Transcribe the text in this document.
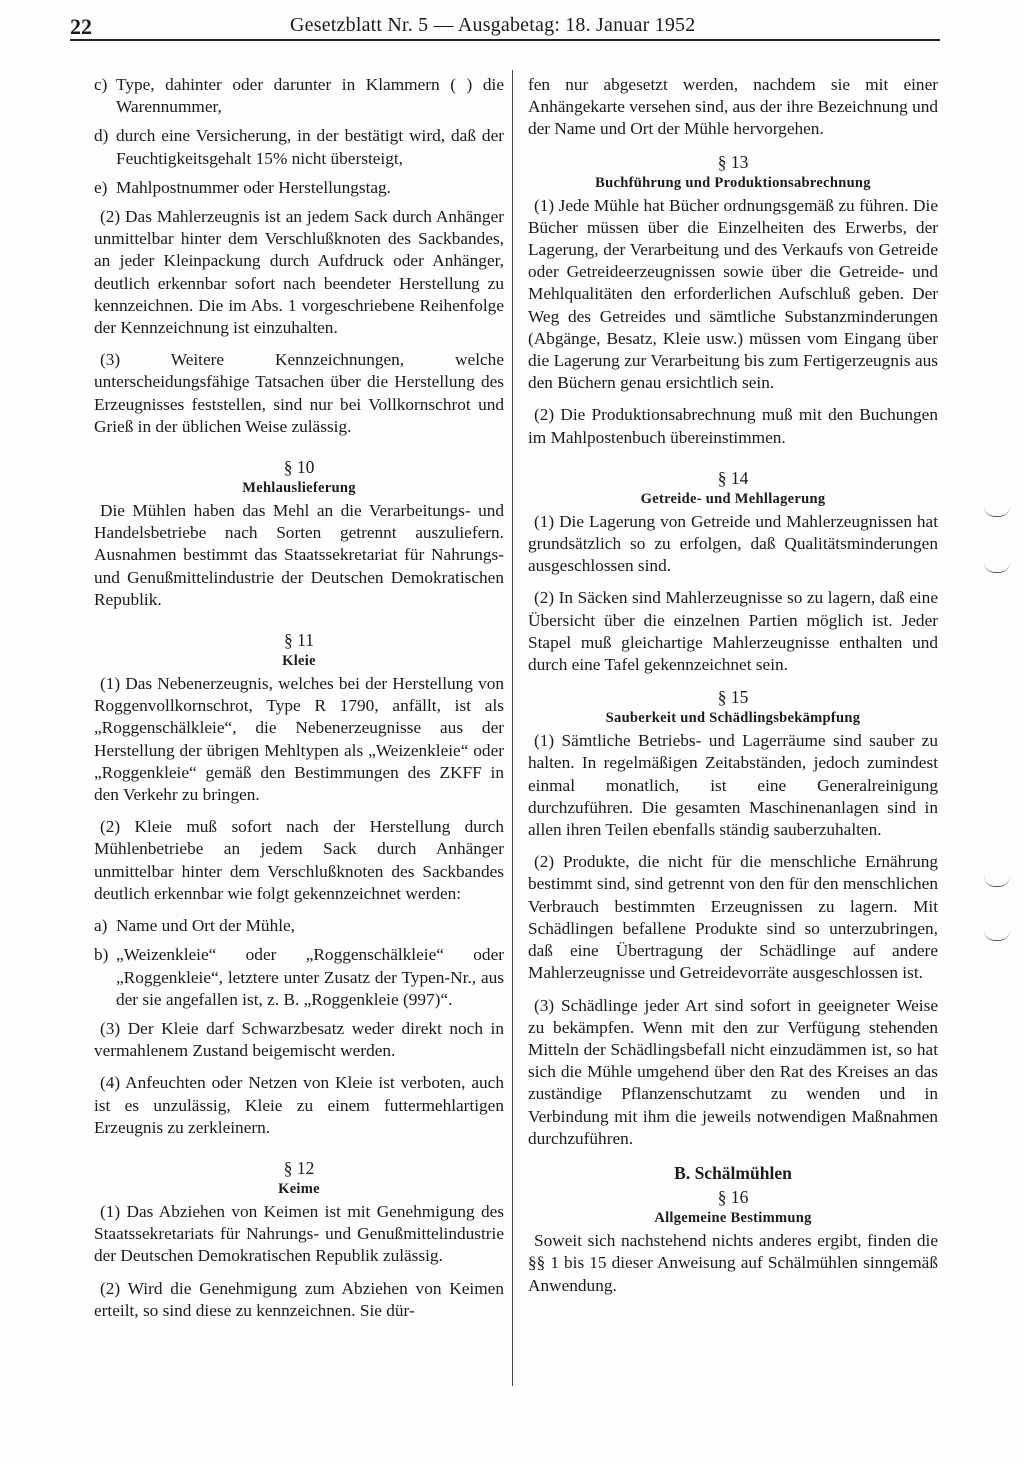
22	Gesetzblatt Nr. 5 — Ausgabetag: 18. Januar 1952
c) Type, dahinter oder darunter in Klammern ( ) die Warennummer,
d) durch eine Versicherung, in der bestätigt wird, daß der Feuchtigkeitsgehalt 15% nicht übersteigt,
e) Mahlpostnummer oder Herstellungstag.

(2) Das Mahlerzeugnis ist an jedem Sack durch Anhänger unmittelbar hinter dem Verschlußknoten des Sackbandes, an jeder Kleinpackung durch Aufdruck oder Anhänger, deutlich erkennbar sofort nach beendeter Herstellung zu kennzeichnen. Die im Abs. 1 vorgeschriebene Reihenfolge der Kennzeichnung ist einzuhalten.

(3) Weitere Kennzeichnungen, welche unterscheidungsfähige Tatsachen über die Herstellung des Erzeugnisses feststellen, sind nur bei Vollkornschrot und Grieß in der üblichen Weise zulässig.

§ 10
Mehlauslieferung

Die Mühlen haben das Mehl an die Verarbeitungs- und Handelsbetriebe nach Sorten getrennt auszuliefern. Ausnahmen bestimmt das Staatssekretariat für Nahrungs- und Genußmittelindustrie der Deutschen Demokratischen Republik.

§ 11
Kleie

(1) Das Nebenerzeugnis, welches bei der Herstellung von Roggenvollkornschrot, Type R 1790, anfällt, ist als „Roggenschälkleie“, die Nebenerzeugnisse aus der Herstellung der übrigen Mehltypen als „Weizenkleie“ oder „Roggenkleie“ gemäß den Bestimmungen des ZKFF in den Verkehr zu bringen.

(2) Kleie muß sofort nach der Herstellung durch Mühlenbetriebe an jedem Sack durch Anhänger unmittelbar hinter dem Verschlußknoten des Sackbandes deutlich erkennbar wie folgt gekennzeichnet werden:

a) Name und Ort der Mühle,
b) „Weizenkleie“ oder „Roggenschälkleie“ oder „Roggenkleie“, letztere unter Zusatz der Typen-Nr., aus der sie angefallen ist, z. B. „Roggenkleie (997)“.

(3) Der Kleie darf Schwarzbesatz weder direkt noch in vermahlenem Zustand beigemischt werden.

(4) Anfeuchten oder Netzen von Kleie ist verboten, auch ist es unzulässig, Kleie zu einem futtermehlartigen Erzeugnis zu zerkleinern.

§ 12
Keime

(1) Das Abziehen von Keimen ist mit Genehmigung des Staatssekretariats für Nahrungs- und Genußmittelindustrie der Deutschen Demokratischen Republik zulässig.

(2) Wird die Genehmigung zum Abziehen von Keimen erteilt, so sind diese zu kennzeichnen. Sie dür-

fen nur abgesetzt werden, nachdem sie mit einer Anhängekarte versehen sind, aus der ihre Bezeichnung und der Name und Ort der Mühle hervorgehen.

§ 13
Buchführung und Produktionsabrechnung

(1) Jede Mühle hat Bücher ordnungsgemäß zu führen. Die Bücher müssen über die Einzelheiten des Erwerbs, der Lagerung, der Verarbeitung und des Verkaufs von Getreide oder Getreideerzeugnissen sowie über die Getreide- und Mehlqualitäten den erforderlichen Aufschluß geben. Der Weg des Getreides und sämtliche Substanzminderungen (Abgänge, Besatz, Kleie usw.) müssen vom Eingang über die Lagerung zur Verarbeitung bis zum Fertigerzeugnis aus den Büchern genau ersichtlich sein.

(2) Die Produktionsabrechnung muß mit den Buchungen im Mahlpostenbuch übereinstimmen.

§ 14
Getreide- und Mehllagerung

(1) Die Lagerung von Getreide und Mahlerzeugnissen hat grundsätzlich so zu erfolgen, daß Qualitätsminderungen ausgeschlossen sind.

(2) In Säcken sind Mahlerzeugnisse so zu lagern, daß eine Übersicht über die einzelnen Partien möglich ist. Jeder Stapel muß gleichartige Mahlerzeugnisse enthalten und durch eine Tafel gekennzeichnet sein.

§ 15
Sauberkeit und Schädlingsbekämpfung

(1) Sämtliche Betriebs- und Lagerräume sind sauber zu halten. In regelmäßigen Zeitabständen, jedoch zumindest einmal monatlich, ist eine Generalreinigung durchzuführen. Die gesamten Maschinenanlagen sind in allen ihren Teilen ebenfalls ständig sauberzuhalten.

(2) Produkte, die nicht für die menschliche Ernährung bestimmt sind, sind getrennt von den für den menschlichen Verbrauch bestimmten Erzeugnissen zu lagern. Mit Schädlingen befallene Produkte sind so unterzubringen, daß eine Übertragung der Schädlinge auf andere Mahlerzeugnisse und Getreidevorräte ausgeschlossen ist.

(3) Schädlinge jeder Art sind sofort in geeigneter Weise zu bekämpfen. Wenn mit den zur Verfügung stehenden Mitteln der Schädlingsbefall nicht einzudämmen ist, so hat sich die Mühle umgehend über den Rat des Kreises an das zuständige Pflanzenschutzamt zu wenden und in Verbindung mit ihm die jeweils notwendigen Maßnahmen durchzuführen.

B. Schälmühlen
§ 16
Allgemeine Bestimmung

Soweit sich nachstehend nichts anderes ergibt, finden die §§ 1 bis 15 dieser Anweisung auf Schälmühlen sinngemäß Anwendung.
